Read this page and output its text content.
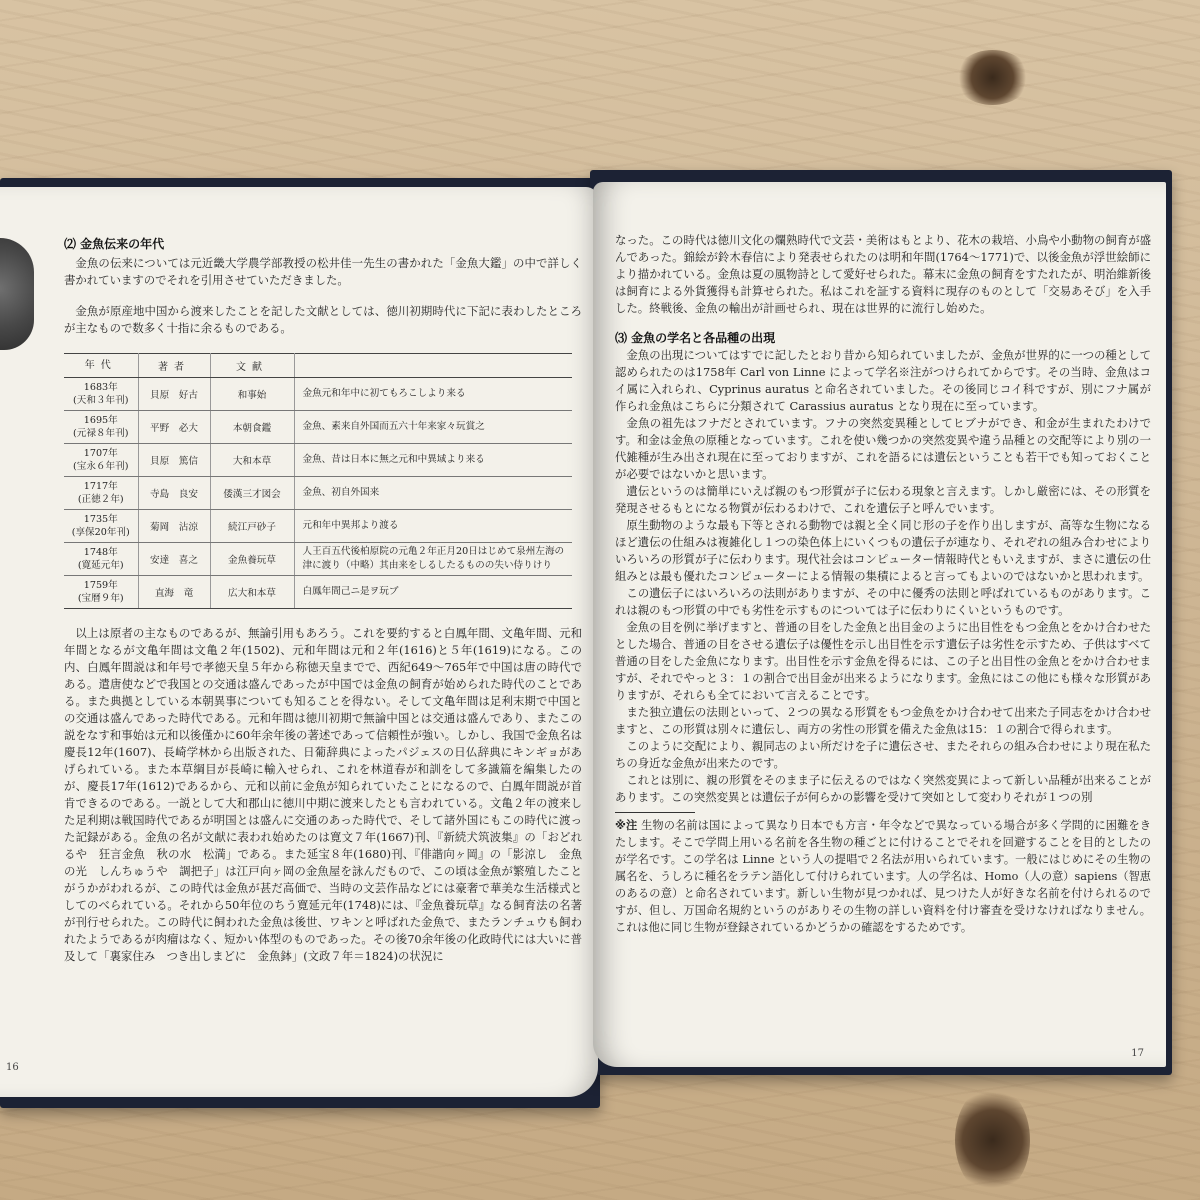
⑵ 金魚伝来の年代

金魚の伝来については元近畿大学農学部教授の松井佳一先生の書かれた「金魚大鑑」の中で詳しく書かれていますのでそれを引用させていただきました。

金魚が原産地中国から渡来したことを記した文献としては、徳川初期時代に下記に表わしたところが主なもので数多く十指に余るものである。

年代	著者	文献	

1683年
(天和３年刊)	貝原　好古	和事始	金魚元和年中に初てもろこしより来る

1695年
(元禄８年刊)	平野　必大	本朝食鑑	金魚、素来自外国而五六十年来家々玩賞之

1707年
(宝永６年刊)	貝原　篤信	大和本草	金魚、昔は日本に無之元和中異域より来る

1717年
(正徳２年)	寺島　良安	倭漢三才図会	金魚、初自外国来

1735年
(享保20年刊)	菊岡　沾涼	続江戸砂子	元和年中異邦より渡る

1748年
(寛延元年)	安達　喜之	金魚養玩草	人王百五代後柏原院の元亀２年正月20日はじめて泉州左海の津に渡り（中略）其由来をしるしたるものの失い侍りけり

1759年
(宝暦９年)	直海　竜	広大和本草	白鳳年間己ニ是ヲ玩ブ

以上は原者の主なものであるが、無論引用もあろう。これを要約すると白鳳年間、文亀年間、元和年間となるが文亀年間は文亀２年(1502)、元和年間は元和２年(1616)と５年(1619)になる。この内、白鳳年間説は和年号で孝徳天皇５年から称徳天皇までで、西紀649〜765年で中国は唐の時代である。遣唐使などで我国との交通は盛んであったが中国では金魚の飼育が始められた時代のことである。また典拠としている本朝異事についても知ることを得ない。そして文亀年間は足利末期で中国との交通は盛んであった時代である。元和年間は徳川初期で無論中国とは交通は盛んであり、またこの説をなす和事始は元和以後僅かに60年余年後の著述であって信頼性が強い。しかし、我国で金魚名は慶長12年(1607)、長崎学林から出版された、日葡辞典によったパジェスの日仏辞典にキンギョがあげられている。また本草綱目が長崎に輸入せられ、これを林道春が和訓をして多識篇を編集したのが、慶長17年(1612)であるから、元和以前に金魚が知られていたことになるので、白鳳年間説が首肯できるのである。一説として大和郡山に徳川中期に渡来したとも言われている。文亀２年の渡来した足利期は戦国時代であるが明国とは盛んに交通のあった時代で、そして諸外国にもこの時代に渡った記録がある。金魚の名が文献に表われ始めたのは寛文７年(1667)刊、『新続犬筑波集』の「おどれるや　狂言金魚　秋の水　松満」である。また延宝８年(1680)刊、『俳諧向ヶ岡』の「影涼し　金魚の光　しんちゅうや　調把子」は江戸向ヶ岡の金魚屋を詠んだもので、この頃は金魚が繁殖したことがうかがわれるが、この時代は金魚が甚だ高価で、当時の文芸作品などには豪奢で華美な生活様式としてのべられている。それから50年位のちう寛延元年(1748)には、『金魚養玩草』なる飼育法の名著が刊行せられた。この時代に飼われた金魚は後世、ワキンと呼ばれた金魚で、またランチュウも飼われたようであるが肉瘤はなく、短かい体型のものであった。その後70余年後の化政時代には大いに普及して「裏家住み　つき出しまどに　金魚鉢」(文政７年＝1824)の状況に

16

なった。この時代は徳川文化の爛熟時代で文芸・美術はもとより、花木の栽培、小鳥や小動物の飼育が盛んであった。錦絵が鈴木春信により発表せられたのは明和年間(1764〜1771)で、以後金魚が浮世絵師により描かれている。金魚は夏の風物詩として愛好せられた。幕末に金魚の飼育をすたれたが、明治維新後は飼育による外貨獲得も計算せられた。私はこれを証する資料に現存のものとして「交易あそび」を入手した。終戦後、金魚の輸出が計画せられ、現在は世界的に流行し始めた。

⑶ 金魚の学名と各品種の出現

金魚の出現についてはすでに記したとおり昔から知られていましたが、金魚が世界的に一つの種として認められたのは1758年 Carl von Linne によって学名※注がつけられてからです。その当時、金魚はコイ属に入れられ、Cyprinus auratus と命名されていました。その後同じコイ科ですが、別にフナ属が作られ金魚はこちらに分類されて Carassius auratus となり現在に至っています。

金魚の祖先はフナだとされています。フナの突然変異種としてヒブナができ、和金が生まれたわけです。和金は金魚の原種となっています。これを使い幾つかの突然変異や違う品種との交配等により別の一代雑種が生み出され現在に至っておりますが、これを語るには遺伝ということも若干でも知っておくことが必要ではないかと思います。

遺伝というのは簡単にいえば親のもつ形質が子に伝わる現象と言えます。しかし厳密には、その形質を発現させるもとになる物質が伝わるわけで、これを遺伝子と呼んでいます。

原生動物のような最も下等とされる動物では親と全く同じ形の子を作り出しますが、高等な生物になるほど遺伝の仕組みは複雑化し１つの染色体上にいくつもの遺伝子が連なり、それぞれの組み合わせによりいろいろの形質が子に伝わります。現代社会はコンピューター情報時代ともいえますが、まさに遺伝の仕組みとは最も優れたコンピューターによる情報の集積によると言ってもよいのではないかと思われます。

この遺伝子にはいろいろの法則がありますが、その中に優秀の法則と呼ばれているものがあります。これは親のもつ形質の中でも劣性を示すものについては子に伝わりにくいというものです。

金魚の目を例に挙げますと、普通の目をした金魚と出目金のように出目性をもつ金魚とをかけ合わせたとした場合、普通の目をさせる遺伝子は優性を示し出目性を示す遺伝子は劣性を示すため、子供はすべて普通の目をした金魚になります。出目性を示す金魚を得るには、この子と出目性の金魚とをかけ合わせますが、それでやっと３：１の割合で出目金が出来るようになります。金魚にはこの他にも様々な形質がありますが、それらも全てにおいて言えることです。

また独立遺伝の法則といって、２つの異なる形質をもつ金魚をかけ合わせて出来た子同志をかけ合わせますと、この形質は別々に遺伝し、両方の劣性の形質を備えた金魚は15：１の割合で得られます。

このように交配により、親同志のよい所だけを子に遺伝させ、またそれらの組み合わせにより現在私たちの身近な金魚が出来たのです。

これとは別に、親の形質をそのまま子に伝えるのではなく突然変異によって新しい品種が出来ることがあります。この突然変異とは遺伝子が何らかの影響を受けて突如として変わりそれが１つの別

※注 生物の名前は国によって異なり日本でも方言・年令などで異なっている場合が多く学問的に困難をきたします。そこで学問上用いる名前を各生物の種ごとに付けることでそれを回避することを目的としたのが学名です。この学名は Linne という人の提唱で２名法が用いられています。一般にはじめにその生物の属名を、うしろに種名をラテン語化して付けられています。人の学名は、Homo（人の意）sapiens（智恵のあるの意）と命名されています。新しい生物が見つかれば、見つけた人が好きな名前を付けられるのですが、但し、万国命名規約というのがありその生物の詳しい資料を付け審査を受けなければなりません。これは他に同じ生物が登録されているかどうかの確認をするためです。

17
